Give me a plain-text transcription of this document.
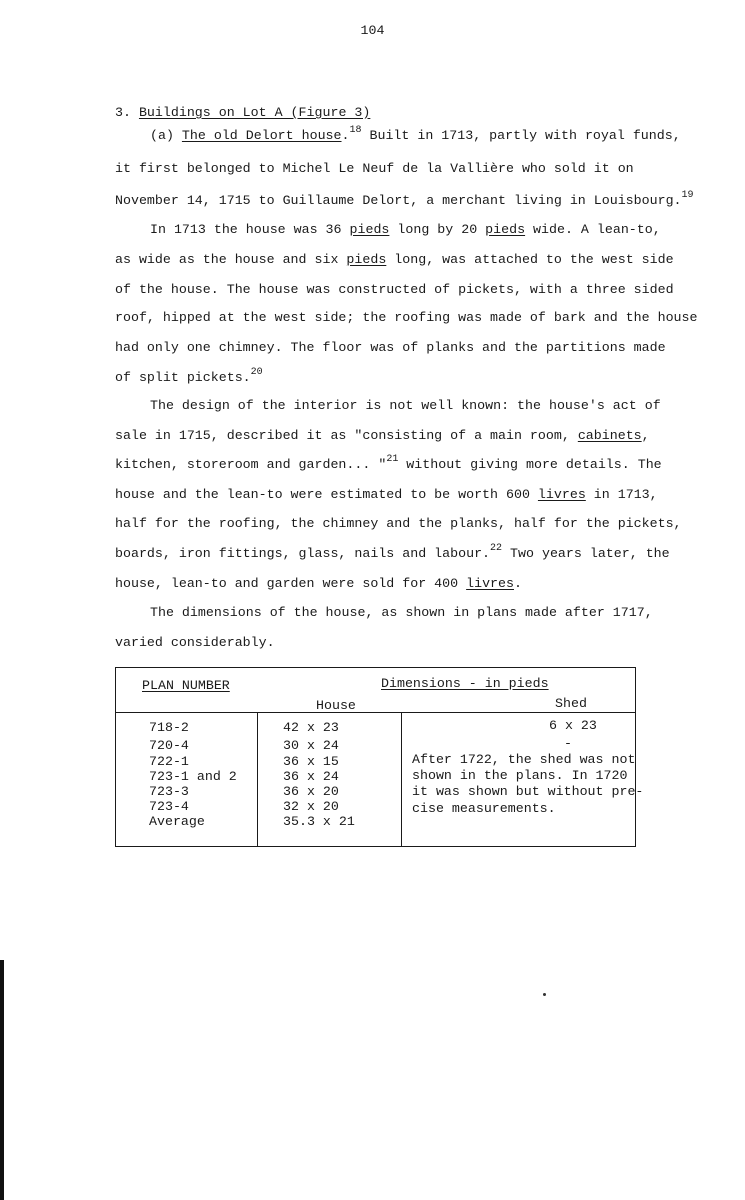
104
3. Buildings on Lot A (Figure 3)
(a) The old Delort house.$^{18}$ Built in 1713, partly with royal funds,
it first belonged to Michel Le Neuf de la Vallière who sold it on
November 14, 1715 to Guillaume Delort, a merchant living in Louisbourg.$^{19}$
In 1713 the house was 36 pieds long by 20 pieds wide. A lean-to,
as wide as the house and six pieds long, was attached to the west side
of the house. The house was constructed of pickets, with a three sided
roof, hipped at the west side; the roofing was made of bark and the house
had only one chimney. The floor was of planks and the partitions made
of split pickets.$^{20}$
The design of the interior is not well known: the house's act of
sale in 1715, described it as "consisting of a main room, cabinets,
kitchen, storeroom and garden... "$^{21}$ without giving more details. The
house and the lean-to were estimated to be worth 600 livres in 1713,
half for the roofing, the chimney and the planks, half for the pickets,
boards, iron fittings, glass, nails and labour.$^{22}$ Two years later, the
house, lean-to and garden were sold for 400 livres.
The dimensions of the house, as shown in plans made after 1717,
varied considerably.
PLAN NUMBER	Dimensions - in pieds
House	Shed
718-2	42 x 23	6 x 23
720-4	30 x 24	-
722-1	36 x 15
723-1 and 2	36 x 24
723-3	36 x 20
723-4	32 x 20
Average	35.3 x 21
After 1722, the shed was not
shown in the plans. In 1720
it was shown but without pre-
cise measurements.
